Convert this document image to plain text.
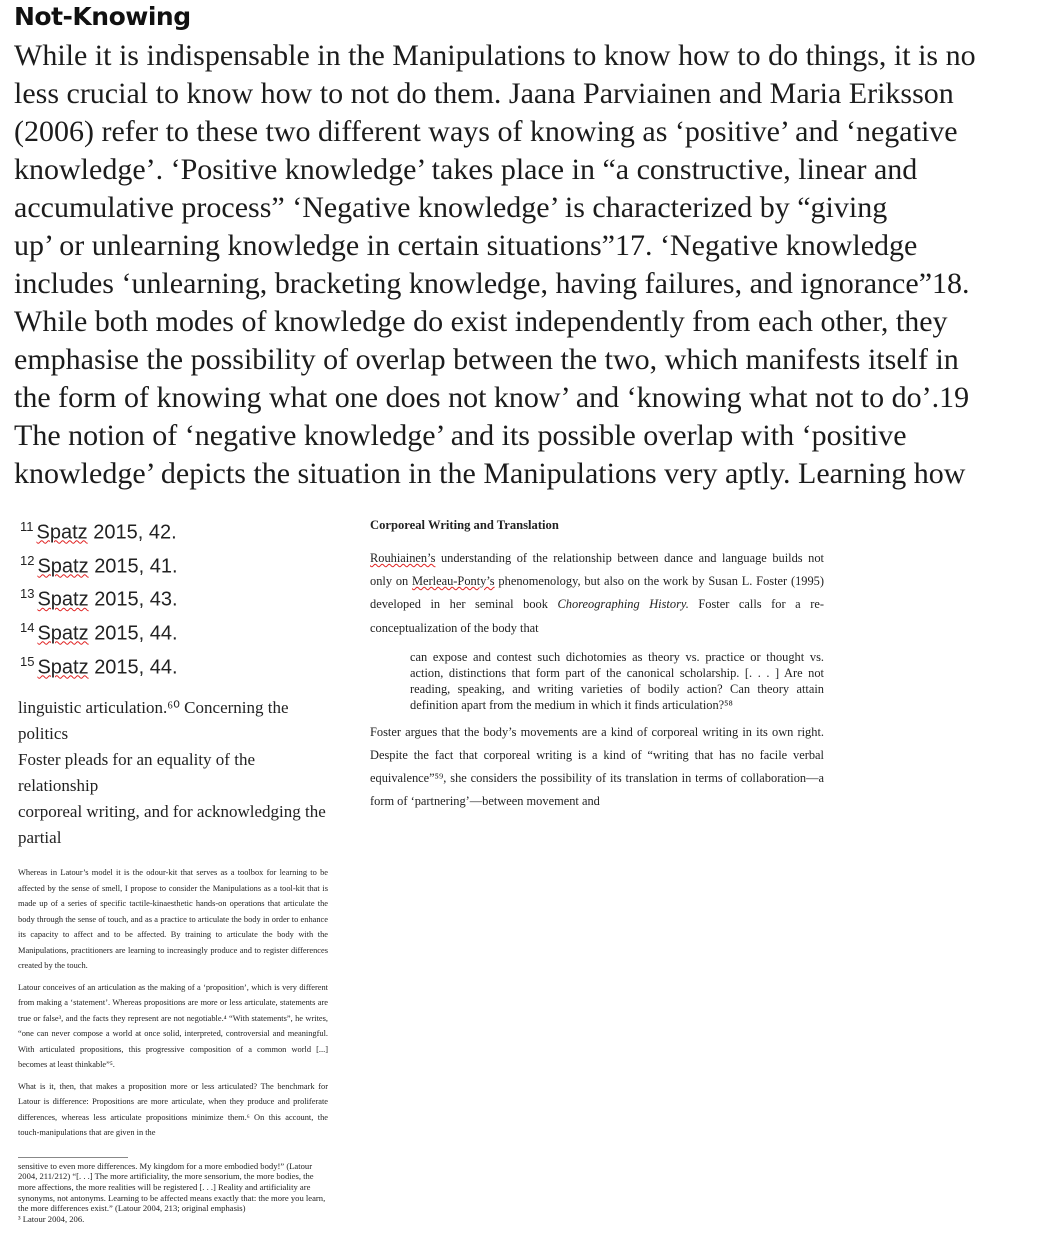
Not-Knowing
While it is indispensable in the Manipulations to know how to do things, it is no
less crucial to know how to not do them. Jaana Parviainen and Maria Eriksson
(2006) refer to these two different ways of knowing as ‘positive’ and ‘negative
knowledge’. ‘Positive knowledge’ takes place in “a constructive, linear and
accumulative process” ‘Negative knowledge’ is characterized by “giving
up’ or unlearning knowledge in certain situations”17. ‘Negative knowledge
includes ‘unlearning, bracketing knowledge, having failures, and ignorance”18.
While both modes of knowledge do exist independently from each other, they
emphasise the possibility of overlap between the two, which manifests itself in
the form of knowing what one does not know’ and ‘knowing what not to do’.19
The notion of ‘negative knowledge’ and its possible overlap with ‘positive
knowledge’ depicts the situation in the Manipulations very aptly. Learning how
$^{11}$ Spatz 2015, 42.
$^{12}$ Spatz 2015, 41.
$^{13}$ Spatz 2015, 43.
$^{14}$ Spatz 2015, 44.
$^{15}$ Spatz 2015, 44.
linguistic articulation.⁶⁰ Concerning the politics
Foster pleads for an equality of the relationship
corporeal writing, and for acknowledging the partial

Whereas in Latour’s model it is the odour-kit that serves as a toolbox for learning to be affected by the sense of smell, I propose to consider the Manipulations as a tool-kit that is made up of a series of specific tactile-kinaesthetic hands-on operations that articulate the body through the sense of touch, and as a practice to articulate the body in order to enhance its capacity to affect and to be affected. By training to articulate the body with the Manipulations, practitioners are learning to increasingly produce and to register differences created by the touch.

Latour conceives of an articulation as the making of a ‘proposition’, which is very different from making a ‘statement’. Whereas propositions are more or less articulate, statements are true or false³, and the facts they represent are not negotiable.⁴ “With statements”, he writes, “one can never compose a world at once solid, interpreted, controversial and meaningful. With articulated propositions, this progressive composition of a common world [...] becomes at least thinkable”⁵.

What is it, then, that makes a proposition more or less articulated? The benchmark for Latour is difference: Propositions are more articulate, when they produce and proliferate differences, whereas less articulate propositions minimize them.⁶ On this account, the touch-manipulations that are given in the

sensitive to even more differences. My kingdom for a more embodied body!” (Latour 2004, 211/212) “[. . .] The more artificiality, the more sensorium, the more bodies, the more affections, the more realities will be registered [. . .] Reality and artificiality are synonyms, not antonyms. Learning to be affected means exactly that: the more you learn, the more differences exist.” (Latour 2004, 213; original emphasis)
³ Latour 2004, 206.
Corporeal Writing and Translation
Rouhiainen’s understanding of the relationship between dance and language builds not only on Merleau-Ponty’s phenomenology, but also on the work by Susan L. Foster (1995) developed in her seminal book Choreographing History. Foster calls for a re-conceptualization of the body that
can expose and contest such dichotomies as theory vs. practice or thought vs. action, distinctions that form part of the canonical scholarship. [. . . ] Are not reading, speaking, and writing varieties of bodily action? Can theory attain definition apart from the medium in which it finds articulation?⁵⁸
Foster argues that the body’s movements are a kind of corporeal writing in its own right. Despite the fact that corporeal writing is a kind of “writing that has no facile verbal equivalence”⁵⁹, she considers the possibility of its translation in terms of collaboration—a form of ‘partnering’—between movement and
